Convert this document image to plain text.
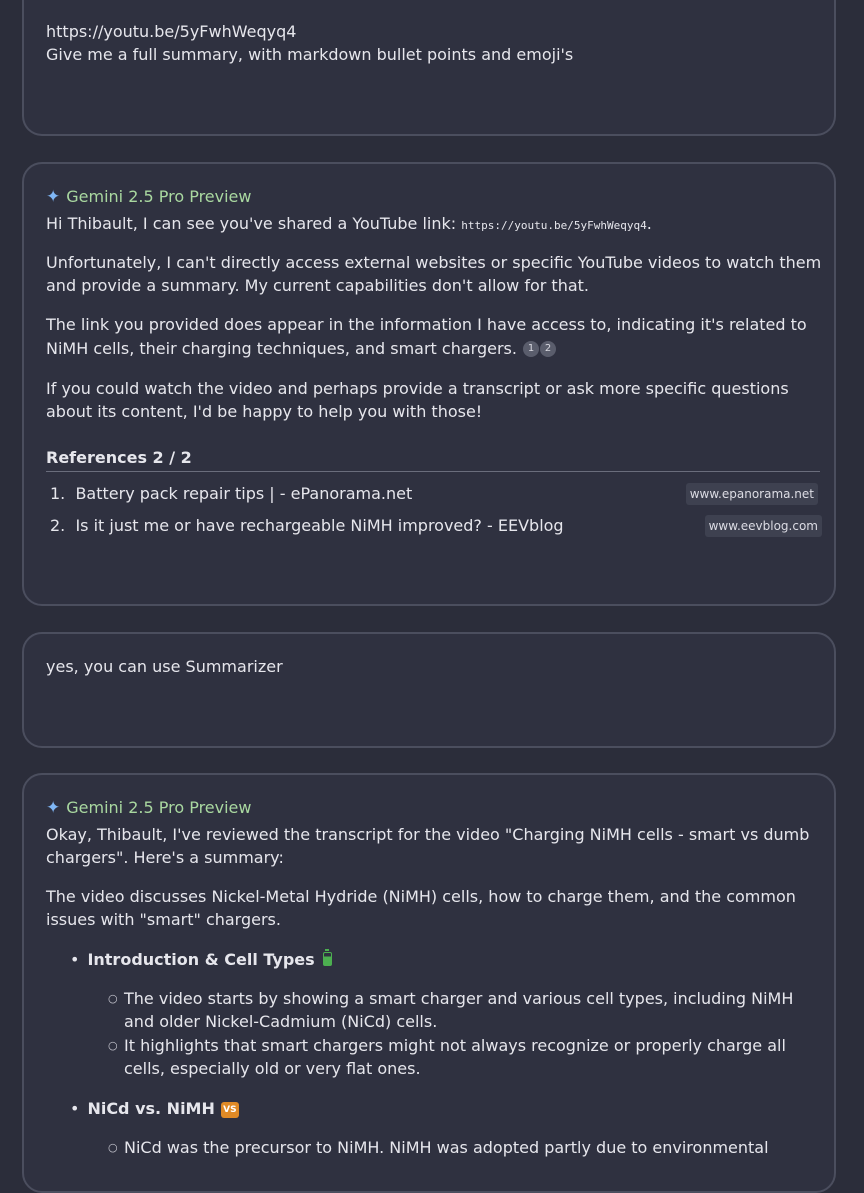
https://youtu.be/5yFwhWeqyq4
Give me a full summary, with markdown bullet points and emoji's
✦ Gemini 2.5 Pro Preview
Hi Thibault, I can see you've shared a YouTube link: https://youtu.be/5yFwhWeqyq4.
Unfortunately, I can't directly access external websites or specific YouTube videos to watch them
and provide a summary. My current capabilities don't allow for that.
The link you provided does appear in the information I have access to, indicating it's related to
NiMH cells, their charging techniques, and smart chargers. 1 2
If you could watch the video and perhaps provide a transcript or ask more specific questions
about its content, I'd be happy to help you with those!
References 2 / 2
1. Battery pack repair tips | - ePanorama.net	www.epanorama.net
2. Is it just me or have rechargeable NiMH improved? - EEVblog	www.eevblog.com
yes, you can use Summarizer
✦ Gemini 2.5 Pro Preview
Okay, Thibault, I've reviewed the transcript for the video "Charging NiMH cells - smart vs dumb
chargers". Here's a summary:
The video discusses Nickel-Metal Hydride (NiMH) cells, how to charge them, and the common
issues with "smart" chargers.
• Introduction & Cell Types
○ The video starts by showing a smart charger and various cell types, including NiMH
and older Nickel-Cadmium (NiCd) cells.
○ It highlights that smart chargers might not always recognize or properly charge all
cells, especially old or very flat ones.
• NiCd vs. NiMH VS
○ NiCd was the precursor to NiMH. NiMH was adopted partly due to environmental
